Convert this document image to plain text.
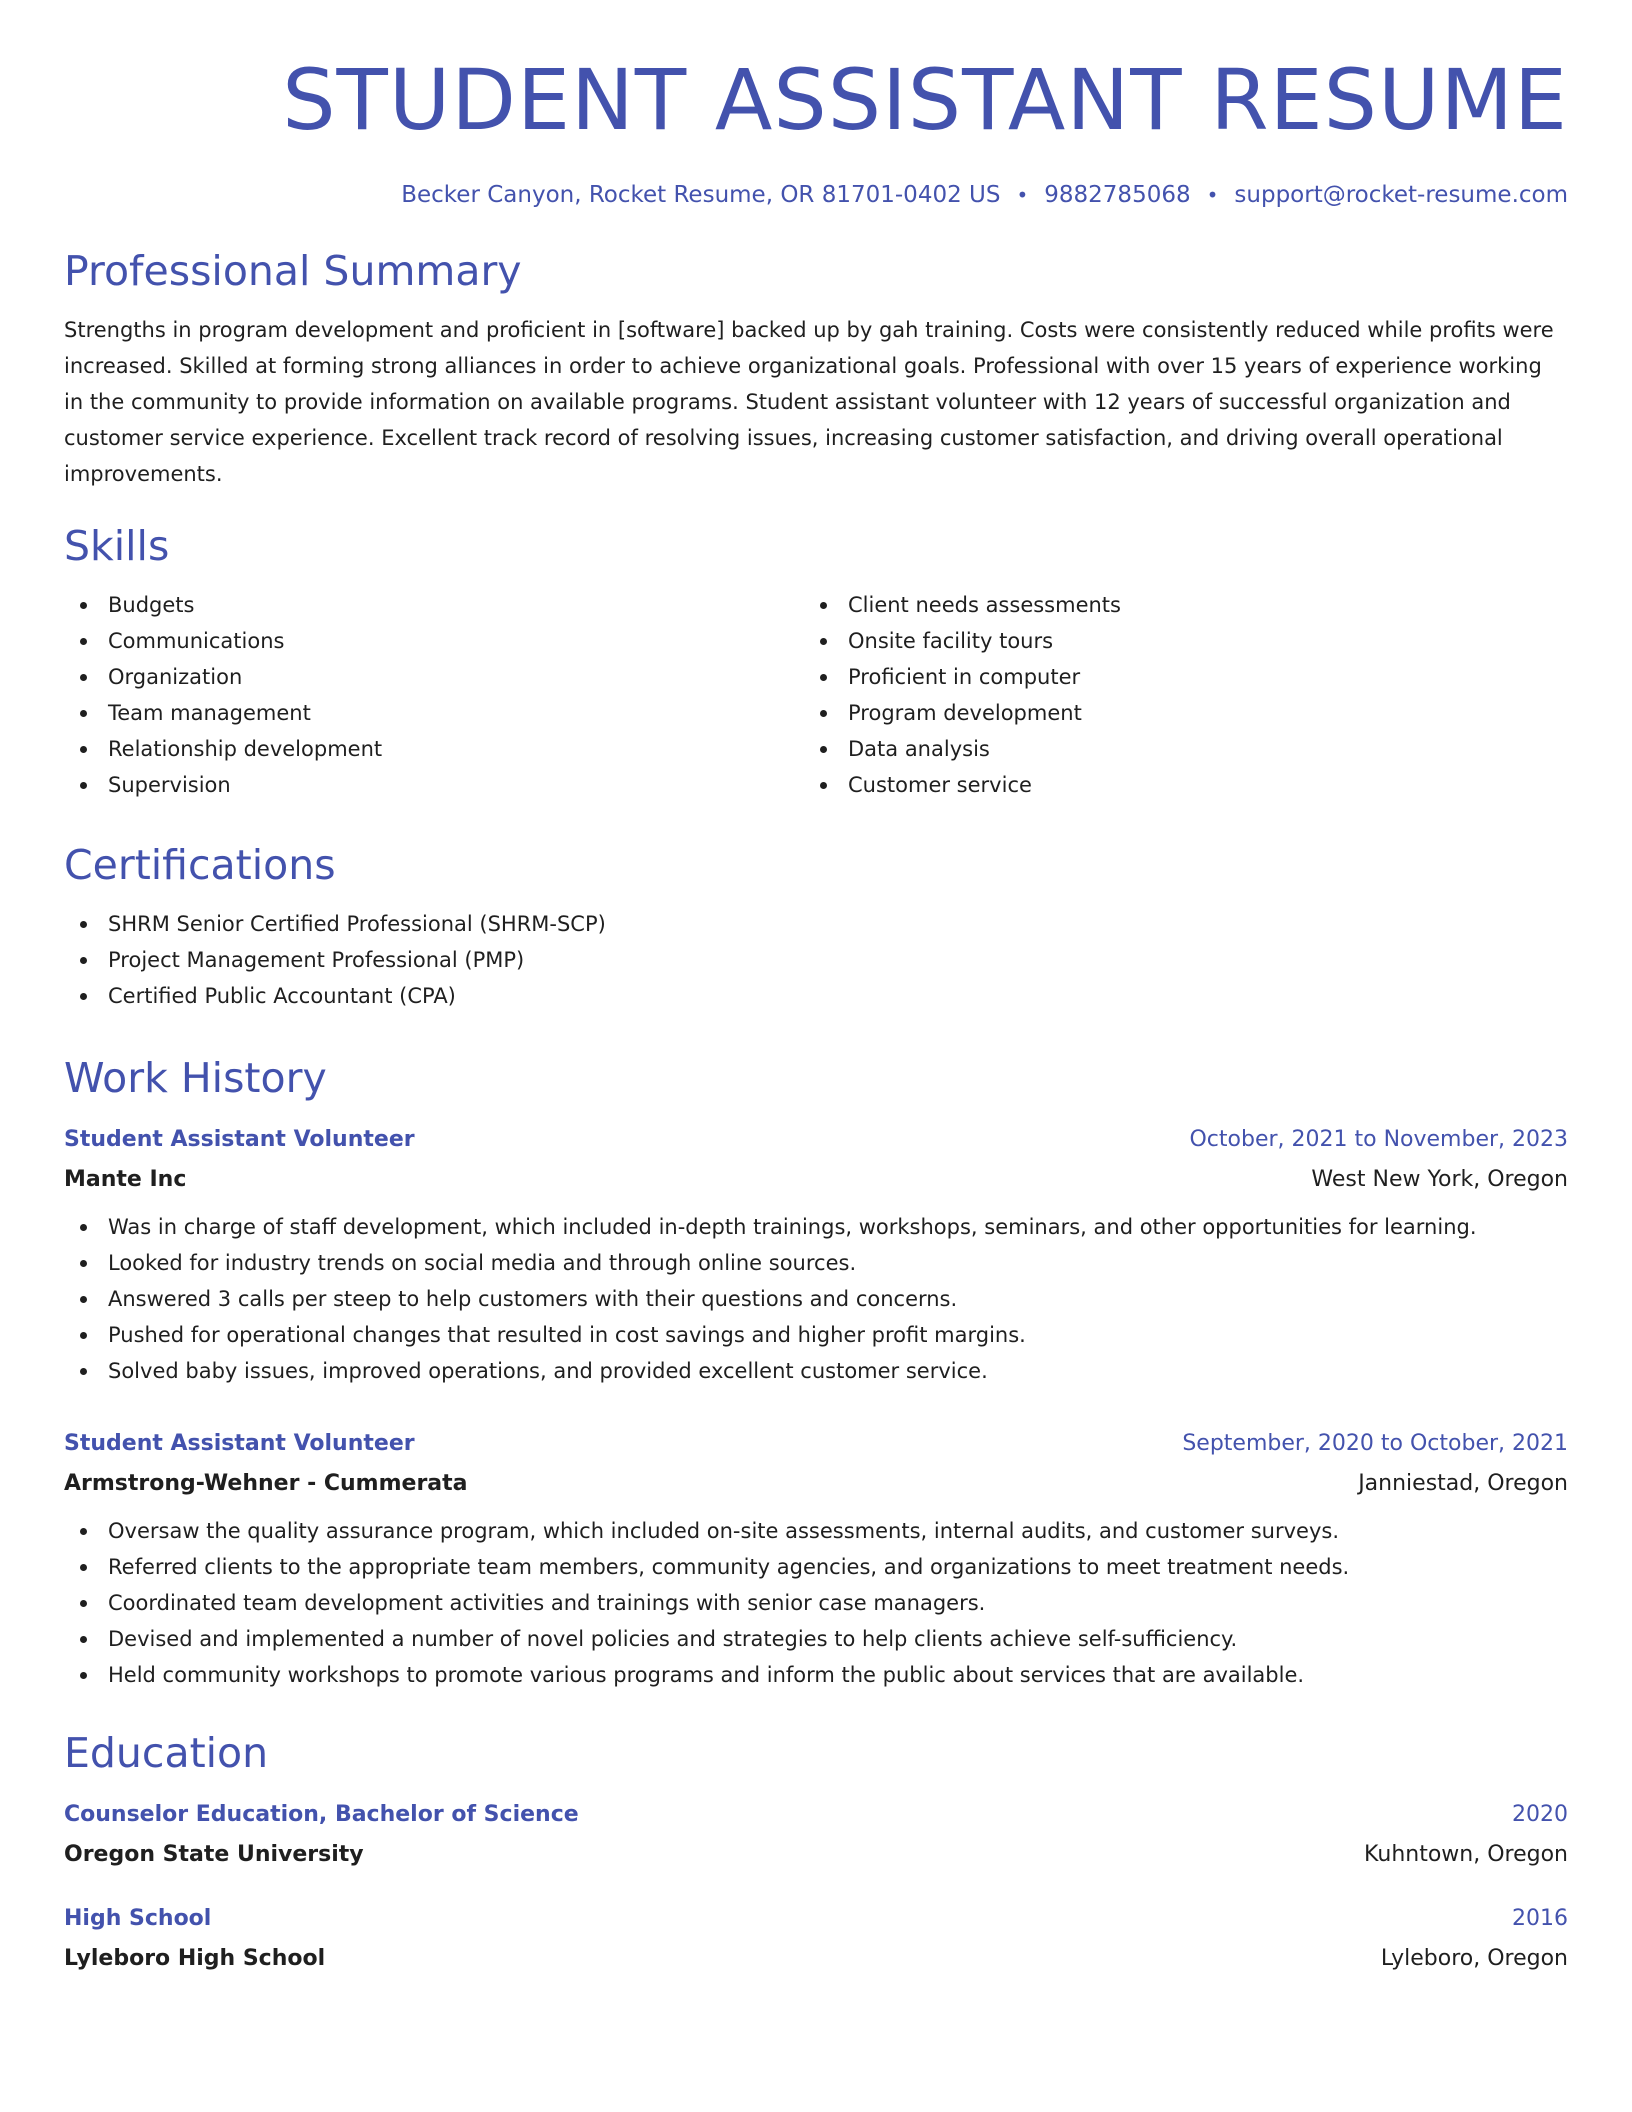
STUDENT ASSISTANT RESUME
Becker Canyon, Rocket Resume, OR 81701-0402 US • 9882785068 • support@rocket-resume.com
Professional Summary

Strengths in program development and proficient in [software] backed up by gah training. Costs were consistently reduced while profits were increased. Skilled at forming strong alliances in order to achieve organizational goals. Professional with over 15 years of experience working in the community to provide information on available programs. Student assistant volunteer with 12 years of successful organization and customer service experience. Excellent track record of resolving issues, increasing customer satisfaction, and driving overall operational improvements.

Skills
Budgets
Communications
Organization
Team management
Relationship development
Supervision
Client needs assessments
Onsite facility tours
Proficient in computer
Program development
Data analysis
Customer service
Certifications
SHRM Senior Certified Professional (SHRM-SCP)
Project Management Professional (PMP)
Certified Public Accountant (CPA)
Work History
Student Assistant Volunteer	October, 2021 to November, 2023
Mante Inc	West New York, Oregon
Was in charge of staff development, which included in-depth trainings, workshops, seminars, and other opportunities for learning.
Looked for industry trends on social media and through online sources.
Answered 3 calls per steep to help customers with their questions and concerns.
Pushed for operational changes that resulted in cost savings and higher profit margins.
Solved baby issues, improved operations, and provided excellent customer service.
Student Assistant Volunteer	September, 2020 to October, 2021
Armstrong-Wehner - Cummerata	Janniestad, Oregon
Oversaw the quality assurance program, which included on-site assessments, internal audits, and customer surveys.
Referred clients to the appropriate team members, community agencies, and organizations to meet treatment needs.
Coordinated team development activities and trainings with senior case managers.
Devised and implemented a number of novel policies and strategies to help clients achieve self-sufficiency.
Held community workshops to promote various programs and inform the public about services that are available.
Education
Counselor Education, Bachelor of Science	2020
Oregon State University	Kuhntown, Oregon
High School	2016
Lyleboro High School	Lyleboro, Oregon
